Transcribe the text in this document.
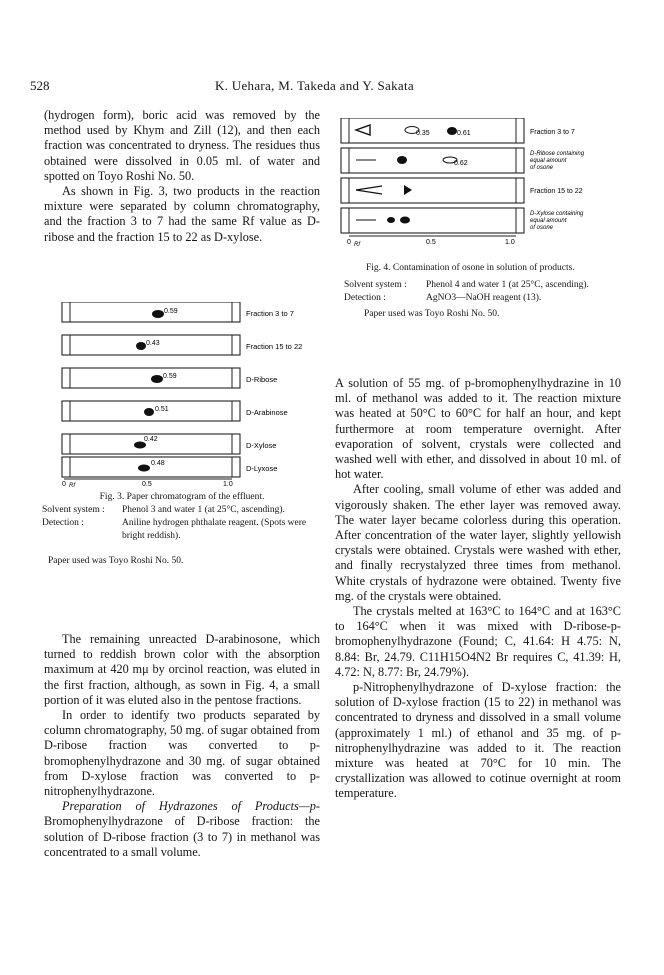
528	K. Uehara, M. Takeda and Y. Sakata

(hydrogen form), boric acid was removed by the method used by Khym and Zill (12), and then each fraction was concentrated to dryness. The residues thus obtained were dissolved in 0.05 ml. of water and spotted on Toyo Roshi No. 50.

As shown in Fig. 3, two products in the reaction mixture were separated by column chromatography, and the fraction 3 to 7 had the same Rf value as D-ribose and the fraction 15 to 22 as D-xylose.

0.59	Fraction 3 to 7
0.43	Fraction 15 to 22
0.59	D-Ribose
0.51	D-Arabinose
0.42
D-Xylose
0.48
D-Lyxose
0 Rf	0.5	1.0
Fig. 3. Paper chromatogram of the effluent.
Solvent system :	Phenol 3 and water 1 (at 25°C, ascending).
Detection :	Aniline hydrogen phthalate reagent. (Spots were bright reddish).
Paper used was Toyo Roshi No. 50.

The remaining unreacted D-arabinosone, which turned to reddish brown color with the absorption maximum at 420 mμ by orcinol reaction, was eluted in the first fraction, although, as sown in Fig. 4, a small portion of it was eluted also in the pentose fractions.

In order to identify two products separated by column chromatography, 50 mg. of sugar obtained from D-ribose fraction was converted to p-bromophenylhydrazone and 30 mg. of sugar obtained from D-xylose fraction was converted to p-nitrophenylhydrazone.

Preparation of Hydrazones of Products—p- Bromophenylhydrazone of D-ribose fraction: the solution of D-ribose fraction (3 to 7) in methanol was concentrated to a small volume.

0.35	0.61	Fraction 3 to 7
0.62
D-Ribose containing
equal amount
of osone
Fraction 15 to 22
D-Xylose containing
equal amount
of osone
0 Rf	0.5	1.0
Fig. 4. Contamination of osone in solution of products.
Solvent system :	Phenol 4 and water 1 (at 25°C, ascending).
Detection :	AgNO3—NaOH reagent (13).
Paper used was Toyo Roshi No. 50.

A solution of 55 mg. of p-bromophenylhydrazine in 10 ml. of methanol was added to it. The reaction mixture was heated at 50°C to 60°C for half an hour, and kept furthermore at room temperature overnight. After evaporation of solvent, crystals were collected and washed well with ether, and dissolved in about 10 ml. of hot water.

After cooling, small volume of ether was added and vigorously shaken. The ether layer was removed away. The water layer became colorless during this operation. After concentration of the water layer, slightly yellowish crystals were obtained. Crystals were washed with ether, and finally recrystalyzed three times from methanol. White crystals of hydrazone were obtained. Twenty five mg. of the crystals were obtained.

The crystals melted at 163°C to 164°C and at 163°C to 164°C when it was mixed with D-ribose-p-bromophenylhydrazone (Found; C, 41.64: H 4.75: N, 8.84: Br, 24.79. C11H15O4N2 Br requires C, 41.39: H, 4.72: N, 8.77: Br, 24.79%).

p-Nitrophenylhydrazone of D-xylose fraction: the solution of D-xylose fraction (15 to 22) in methanol was concentrated to dryness and dissolved in a small volume (approximately 1 ml.) of ethanol and 35 mg. of p-nitrophenylhydrazine was added to it. The reaction mixture was heated at 70°C for 10 min. The crystallization was allowed to cotinue overnight at room temperature.
